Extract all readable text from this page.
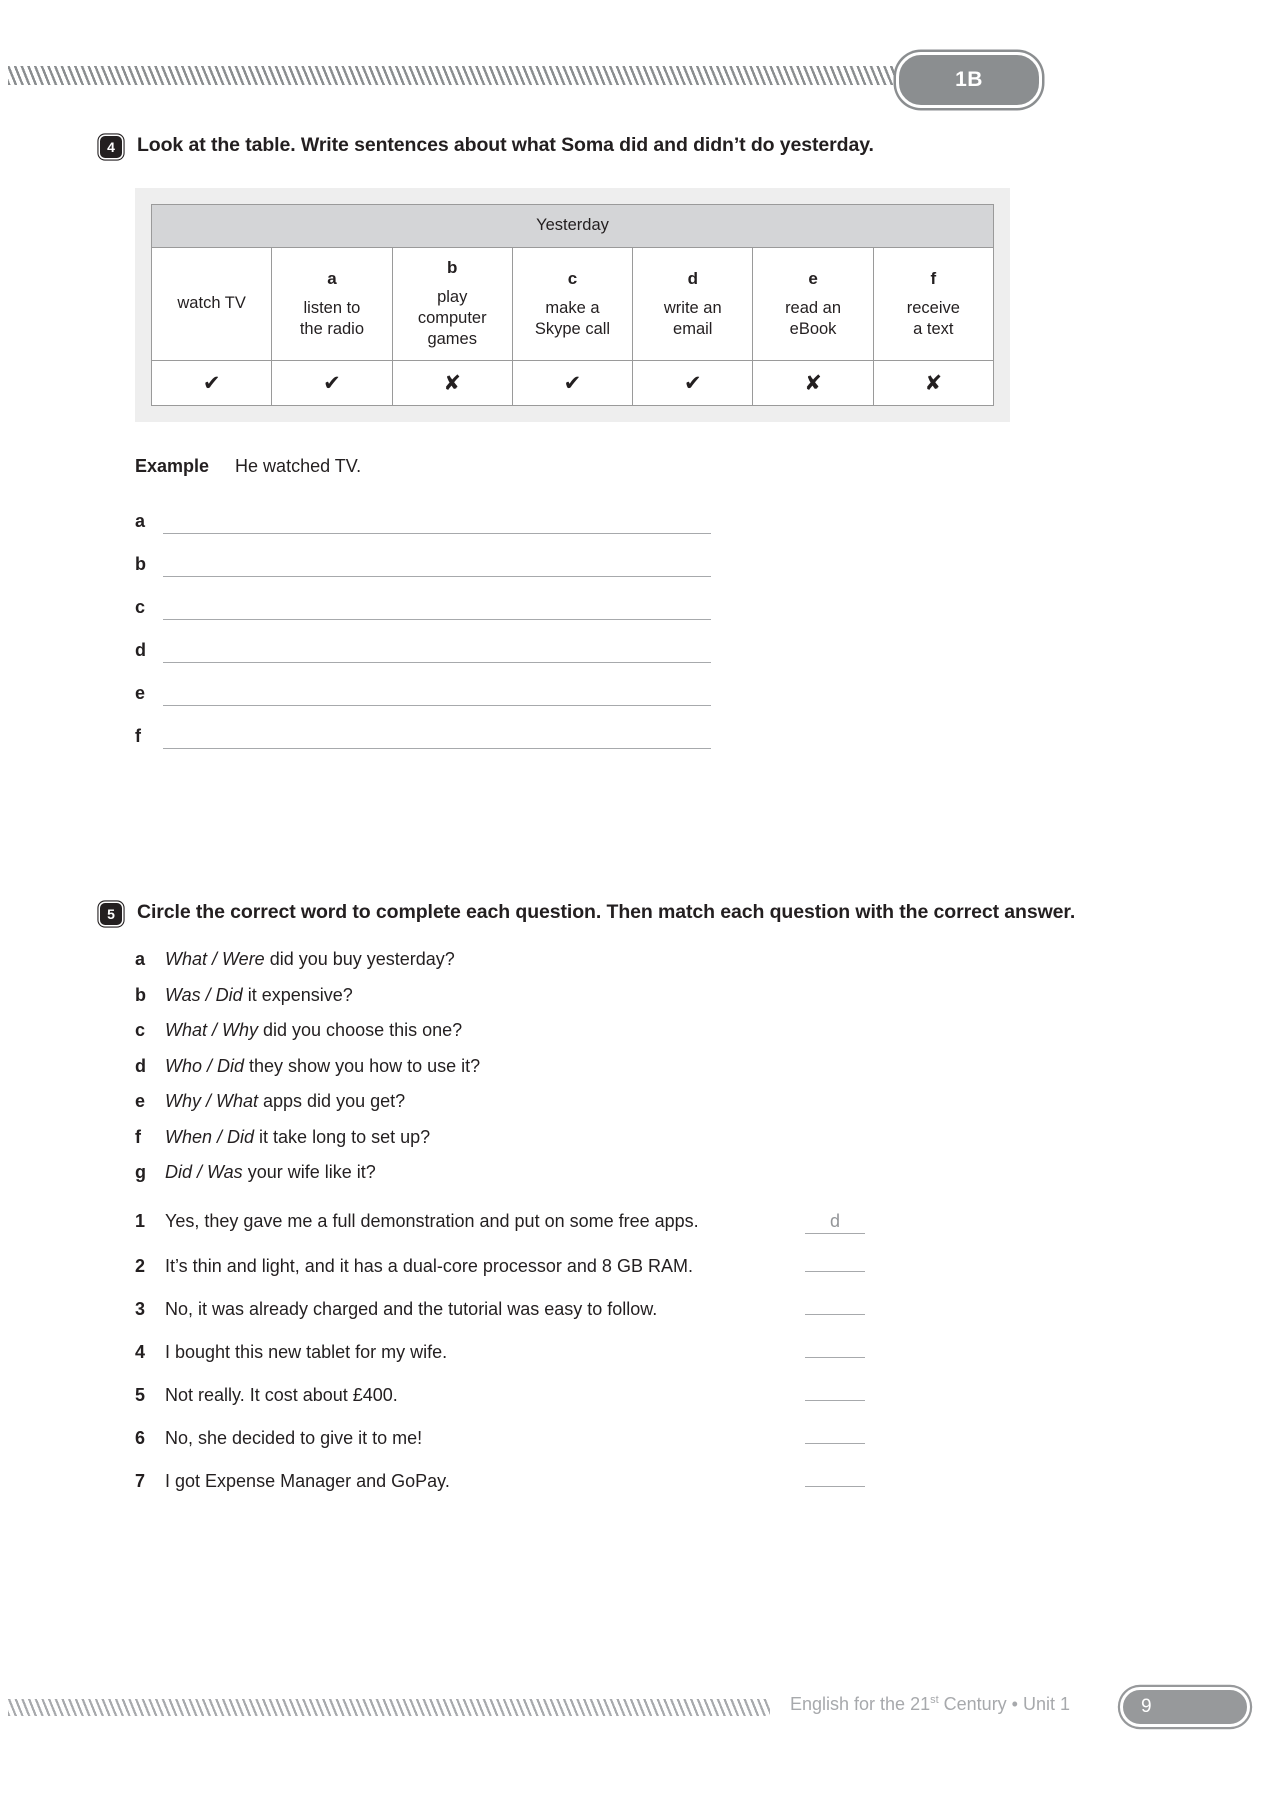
1B
4	Look at the table. Write sentences about what Soma did and didn’t do yesterday.
Yesterday						

watch TV

a
listen to
the radio

b
play
computer
games

c
make a
Skype call

d
write an
email

e
read an
eBook

f
receive
a text

✔	✔	✘	✔	✔	✘	✘
Example He watched TV.
a
b
c
d
e
f
5	Circle the correct word to complete each question. Then match each question with the correct answer.
a	What / Were did you buy yesterday?
b	Was / Did it expensive?
c	What / Why did you choose this one?
d	Who / Did they show you how to use it?
e	Why / What apps did you get?
f	When / Did it take long to set up?
g	Did / Was your wife like it?
1	Yes, they gave me a full demonstration and put on some free apps.	d
2	It’s thin and light, and it has a dual-core processor and 8 GB RAM.
3	No, it was already charged and the tutorial was easy to follow.
4	I bought this new tablet for my wife.
5	Not really. It cost about £400.
6	No, she decided to give it to me!
7	I got Expense Manager and GoPay.
English for the 21st Century • Unit 1	9
